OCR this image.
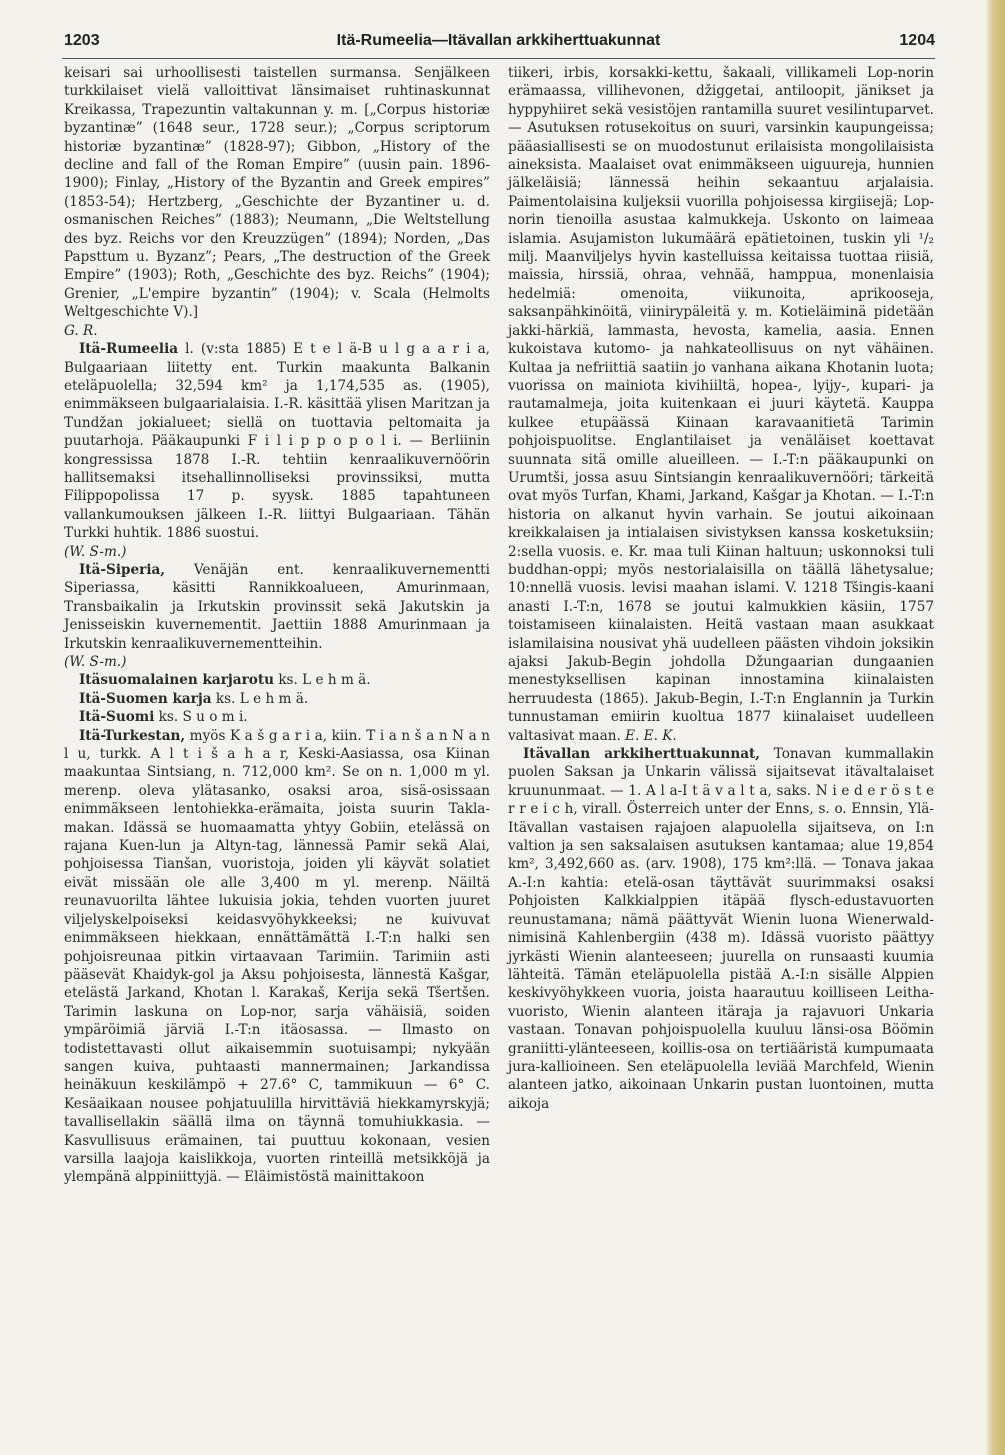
1203	Itä-Rumeelia—Itävallan arkkiherttuakunnat	1204

keisari sai urhoollisesti taistellen surmansa. Senjälkeen turkkilaiset vielä valloittivat länsimaiset ruhtinaskunnat Kreikassa, Trapezuntin valtakunnan y. m. [„Corpus historiæ byzantinæ” (1648 seur., 1728 seur.); „Corpus scriptorum historiæ byzantinæ” (1828-97); Gibbon, „History of the decline and fall of the Roman Empire” (uusin pain. 1896-1900); Finlay, „History of the Byzantin and Greek empires” (1853-54); Hertzberg, „Geschichte der Byzantiner u. d. osmanischen Reiches” (1883); Neumann, „Die Weltstellung des byz. Reichs vor den Kreuzzügen” (1894); Norden, „Das Papsttum u. Byzanz”; Pears, „The destruction of the Greek Empire” (1903); Roth, „Geschichte des byz. Reichs” (1904); Grenier, „L'empire byzantin” (1904); v. Scala (Helmolts Weltgeschichte V).]

G. R.

Itä-Rumeelia l. (v:sta 1885) E t e l ä-B u l g a a r i a, Bulgaariaan liitetty ent. Turkin maakunta Balkanin eteläpuolella; 32,594 km² ja 1,174,535 as. (1905), enimmäkseen bulgaarialaisia. I.-R. käsittää ylisen Maritzan ja Tundžan jokialueet; siellä on tuottavia peltomaita ja puutarhoja. Pääkaupunki F i l i p p o p o l i. — Berliinin kongressissa 1878 I.-R. tehtiin kenraalikuvernöörin hallitsemaksi itsehallinnolliseksi provinssiksi, mutta Filippopolissa 17 p. syysk. 1885 tapahtuneen vallankumouksen jälkeen I.-R. liittyi Bulgaariaan. Tähän Turkki huhtik. 1886 suostui.

(W. S-m.)

Itä-Siperia, Venäjän ent. kenraalikuvernementti Siperiassa, käsitti Rannikkoalueen, Amurinmaan, Transbaikalin ja Irkutskin provinssit sekä Jakutskin ja Jenisseiskin kuvernementit. Jaettiin 1888 Amurinmaan ja Irkutskin kenraalikuvernementteihin.

(W. S-m.)

Itäsuomalainen karjarotu ks. L e h m ä.

Itä-Suomen karja ks. L e h m ä.

Itä-Suomi ks. S u o m i.

Itä-Turkestan, myös K a š g a r i a, kiin. T i a n š a n N a n l u, turkk. A l t i š a h a r, Keski-Aasiassa, osa Kiinan maakuntaa Sintsiang, n. 712,000 km². Se on n. 1,000 m yl. merenp. oleva ylätasanko, osaksi aroa, sisä-osissaan enimmäkseen lentohiekka-erämaita, joista suurin Takla-makan. Idässä se huomaamatta yhtyy Gobiin, etelässä on rajana Kuen-lun ja Altyn-tag, lännessä Pamir sekä Alai, pohjoisessa Tianšan, vuoristoja, joiden yli käyvät solatiet eivät missään ole alle 3,400 m yl. merenp. Näiltä reunavuorilta lähtee lukuisia jokia, tehden vuorten juuret viljelyskelpoiseksi keidasvyöhykkeeksi; ne kuivuvat enimmäkseen hiekkaan, ennättämättä I.-T:n halki sen pohjoisreunaa pitkin virtaavaan Tarimiin. Tarimiin asti pääsevät Khaidyk-gol ja Aksu pohjoisesta, lännestä Kašgar, etelästä Jarkand, Khotan l. Karakaš, Kerija sekä Tšertšen. Tarimin laskuna on Lop-nor, sarja vähäisiä, soiden ympäröimiä järviä I.-T:n itäosassa. — Ilmasto on todistettavasti ollut aikaisemmin suotuisampi; nykyään sangen kuiva, puhtaasti mannermainen; Jarkandissa heinäkuun keskilämpö + 27.6° C, tammikuun — 6° C. Kesäaikaan nousee pohjatuulilla hirvittäviä hiekkamyrskyjä; tavallisellakin säällä ilma on täynnä tomuhiukkasia. — Kasvullisuus erämainen, tai puuttuu kokonaan, vesien varsilla laajoja kaislikkoja, vuorten rinteillä metsikköjä ja ylempänä alppiniittyjä. — Eläimistöstä mainittakoon

tiikeri, irbis, korsakki-kettu, šakaali, villikameli Lop-norin erämaassa, villihevonen, džiggetai, antiloopit, jänikset ja hyppyhiiret sekä vesistöjen rantamilla suuret vesilintuparvet. — Asutuksen rotusekoitus on suuri, varsinkin kaupungeissa; pääasiallisesti se on muodostunut erilaisista mongolilaisista aineksista. Maalaiset ovat enimmäkseen uiguureja, hunnien jälkeläisiä; lännessä heihin sekaantuu arjalaisia. Paimentolaisina kuljeksii vuorilla pohjoisessa kirgiisejä; Lop-norin tienoilla asustaa kalmukkeja. Uskonto on laimeaa islamia. Asujamiston lukumäärä epätietoinen, tuskin yli ¹/₂ milj. Maanviljelys hyvin kastelluissa keitaissa tuottaa riisiä, maissia, hirssiä, ohraa, vehnää, hamppua, monenlaisia hedelmiä: omenoita, viikunoita, aprikooseja, saksanpähkinöitä, viinirypäleitä y. m. Kotieläiminä pidetään jakki-härkiä, lammasta, hevosta, kamelia, aasia. Ennen kukoistava kutomo- ja nahkateollisuus on nyt vähäinen. Kultaa ja nefriittiä saatiin jo vanhana aikana Khotanin luota; vuorissa on mainiota kivihiiltä, hopea-, lyijy-, kupari- ja rautamalmeja, joita kuitenkaan ei juuri käytetä. Kauppa kulkee etupäässä Kiinaan karavaanitietä Tarimin pohjoispuolitse. Englantilaiset ja venäläiset koettavat suunnata sitä omille alueilleen. — I.-T:n pääkaupunki on Urumtši, jossa asuu Sintsiangin kenraalikuvernööri; tärkeitä ovat myös Turfan, Khami, Jarkand, Kašgar ja Khotan. — I.-T:n historia on alkanut hyvin varhain. Se joutui aikoinaan kreikkalaisen ja intialaisen sivistyksen kanssa kosketuksiin; 2:sella vuosis. e. Kr. maa tuli Kiinan haltuun; uskonnoksi tuli buddhan-oppi; myös nestorialaisilla on täällä lähetysalue; 10:nnellä vuosis. levisi maahan islami. V. 1218 Tšingis-kaani anasti I.-T:n, 1678 se joutui kalmukkien käsiin, 1757 toistamiseen kiinalaisten. Heitä vastaan maan asukkaat islamilaisina nousivat yhä uudelleen päästen vihdoin joksikin ajaksi Jakub-Begin johdolla Džungaarian dungaanien menestyksellisen kapinan innostamina kiinalaisten herruudesta (1865). Jakub-Begin, I.-T:n Englannin ja Turkin tunnustaman emiirin kuoltua 1877 kiinalaiset uudelleen valtasivat maan. E. E. K.

Itävallan arkkiherttuakunnat, Tonavan kummallakin puolen Saksan ja Unkarin välissä sijaitsevat itävaltalaiset kruununmaat. — 1. A l a-I t ä v a l t a, saks. N i e d e r ö s t e r r e i c h, virall. Österreich unter der Enns, s. o. Ennsin, Ylä-Itävallan vastaisen rajajoen alapuolella sijaitseva, on I:n valtion ja sen saksalaisen asutuksen kantamaa; alue 19,854 km², 3,492,660 as. (arv. 1908), 175 km²:llä. — Tonava jakaa A.-I:n kahtia: etelä-osan täyttävät suurimmaksi osaksi Pohjoisten Kalkkialppien itäpää flysch-edustavuorten reunustamana; nämä päättyvät Wienin luona Wienerwald-nimisinä Kahlenbergiin (438 m). Idässä vuoristo päättyy jyrkästi Wienin alanteeseen; juurella on runsaasti kuumia lähteitä. Tämän eteläpuolella pistää A.-I:n sisälle Alppien keskivyöhykkeen vuoria, joista haarautuu koilliseen Leitha-vuoristo, Wienin alanteen itäraja ja rajavuori Unkaria vastaan. Tonavan pohjoispuolella kuuluu länsi-osa Böömin graniitti-ylänteeseen, koillis-osa on tertiääristä kumpumaata jura-kallioineen. Sen eteläpuolella leviää Marchfeld, Wienin alanteen jatko, aikoinaan Unkarin pustan luontoinen, mutta aikoja
